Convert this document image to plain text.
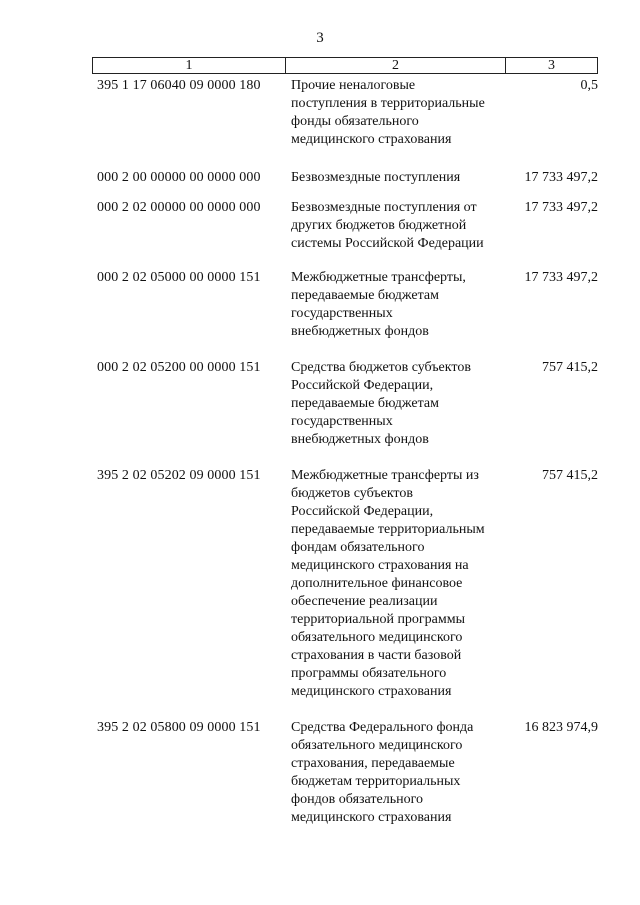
3
1	2	3
395 1 17 06040 09 0000 180	Прочие неналоговые
поступления в территориальные
фонды обязательного
медицинского страхования
0,5
000 2 00 00000 00 0000 000	Безвозмездные поступления	17 733 497,2
000 2 02 00000 00 0000 000	Безвозмездные поступления от
других бюджетов бюджетной
системы Российской Федерации
17 733 497,2
000 2 02 05000 00 0000 151	Межбюджетные трансферты,
передаваемые бюджетам
государственных
внебюджетных фондов
17 733 497,2
000 2 02 05200 00 0000 151	Средства бюджетов субъектов
Российской Федерации,
передаваемые бюджетам
государственных
внебюджетных фондов
757 415,2
395 2 02 05202 09 0000 151	Межбюджетные трансферты из
бюджетов субъектов
Российской Федерации,
передаваемые территориальным
фондам обязательного
медицинского страхования на
дополнительное финансовое
обеспечение реализации
территориальной программы
обязательного медицинского
страхования в части базовой
программы обязательного
медицинского страхования
757 415,2
395 2 02 05800 09 0000 151	Средства Федерального фонда
обязательного медицинского
страхования, передаваемые
бюджетам территориальных
фондов обязательного
медицинского страхования
16 823 974,9
